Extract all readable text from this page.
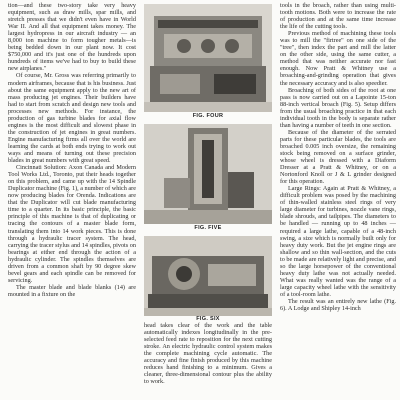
tion—and these two-story take very heavy equipment, such as draw mills, spar mills, and stretch presses that we didn't even have in World War II. And all that equipment takes money. The largest hydropress in our aircraft industry — an 8,000 ton machine to form tougher metals—is being bedded down in our plant now. It cost $750,000 and it's just one of the hundreds upon hundreds of items we've had to buy to build these new airplanes."

Of course, Mr. Gross was referring primarily to modern airframes, because that is his business. Just about the same equipment apply to the new art of mass producing jet engines. Their builders have had to start from scratch and design new tools and processes new methods. For instance, the production of gas turbine blades for axial flow engines is the most difficult and slowest phase in the construction of jet engines in great numbers. Engine manufacturing firms all over the world are learning the cards at both ends trying to work out ways and means of turning out these precision blades in great numbers with great speed.

Cincinnati Solution: Axon Canada and Modern Tool Works Ltd., Toronto, put their heads together on this problem, and came up with the 14 Spindle Duplicator machine (Fig. 1), a number of which are now producing blades for Orenda. Indications are that the Duplicator will cut blade manufacturing time to a quarter. In its basic principle, the basic principle of this machine is that of duplicating or tracing the contours of a master blade form, translating them into 14 work pieces. This is done through a hydraulic tracer system. The head, carrying the tracer stylus and 14 spindles, pivots on bearings at either end through the action of a hydraulic cylinder. The spindles themselves are driven from a common shaft by 90 degree skew bevel gears and each spindle can be removed for servicing.

The master blade and blade blanks (14) are mounted in a fixture on the

FIG. FOUR
FIG. FIVE
FIG. SIX

head takes clear of the work and the table automatically indexes longitudinally in the pre-selected feed rate to reposition for the next cutting stroke. An electric hydraulic control system makes the complete machining cycle automatic. The accuracy and fine finish produced by this machine reduces hand finishing to a minimum. Gives a cleaner, three-dimensional contour plus the ability to work.

tools in the broach, rather than using multi-tooth motions. Both were to increase the rate of production and at the same time increase the life of the cutting tools.

Previous method of machining these tools was to mill the "firtree" on one side of the "tree", then index the part and mill the latter on the other side, using the same cutter, a method that was neither accurate nor fast enough. Now Pratt & Whitney use a broaching-and-grinding operation that gives the necessary accuracy and is also speedier.

Broaching of both sides of the root at one pass is now carried out on a Lapointe 15-ton 88-inch vertical broach (Fig. 5). Setup differs from the usual broaching practice in that each individual tooth in the body is separate rather than having a number of teeth in one section.

Because of the diameter of the serrated parts for these particular blades, the tools are broached 0.005 inch oversize, the remaining stock being removed on a surface grinder, whose wheel is dressed with a Diaform Dresser at a Pratt & Whitney, or on a Nortonford Knoll or J & L grinder designed for this operation.

Large Rings: Again at Pratt & Whitney, a difficult problem was posed by the machining of thin-walled stainless steel rings of very large diameter for turbines, nozzle vane rings, blade shrouds, and tailpipes. The diameters to be handled — running up to 48 inches — required a large lathe, capable of a 48-inch swing, a size which is normally built only for heavy duty work. But the jet engine rings are shallow and so thin wall-section, and the cuts to be made are relatively light and precise, and so the large horsepower of the conventional heavy duty lathe was not actually needed. What was really wanted was the range of a large capacity wheel lathe with the sensitivity of a tool-room lathe.

The result was an entirely new lathe (Fig. 6). A Lodge and Shipley 14-inch
